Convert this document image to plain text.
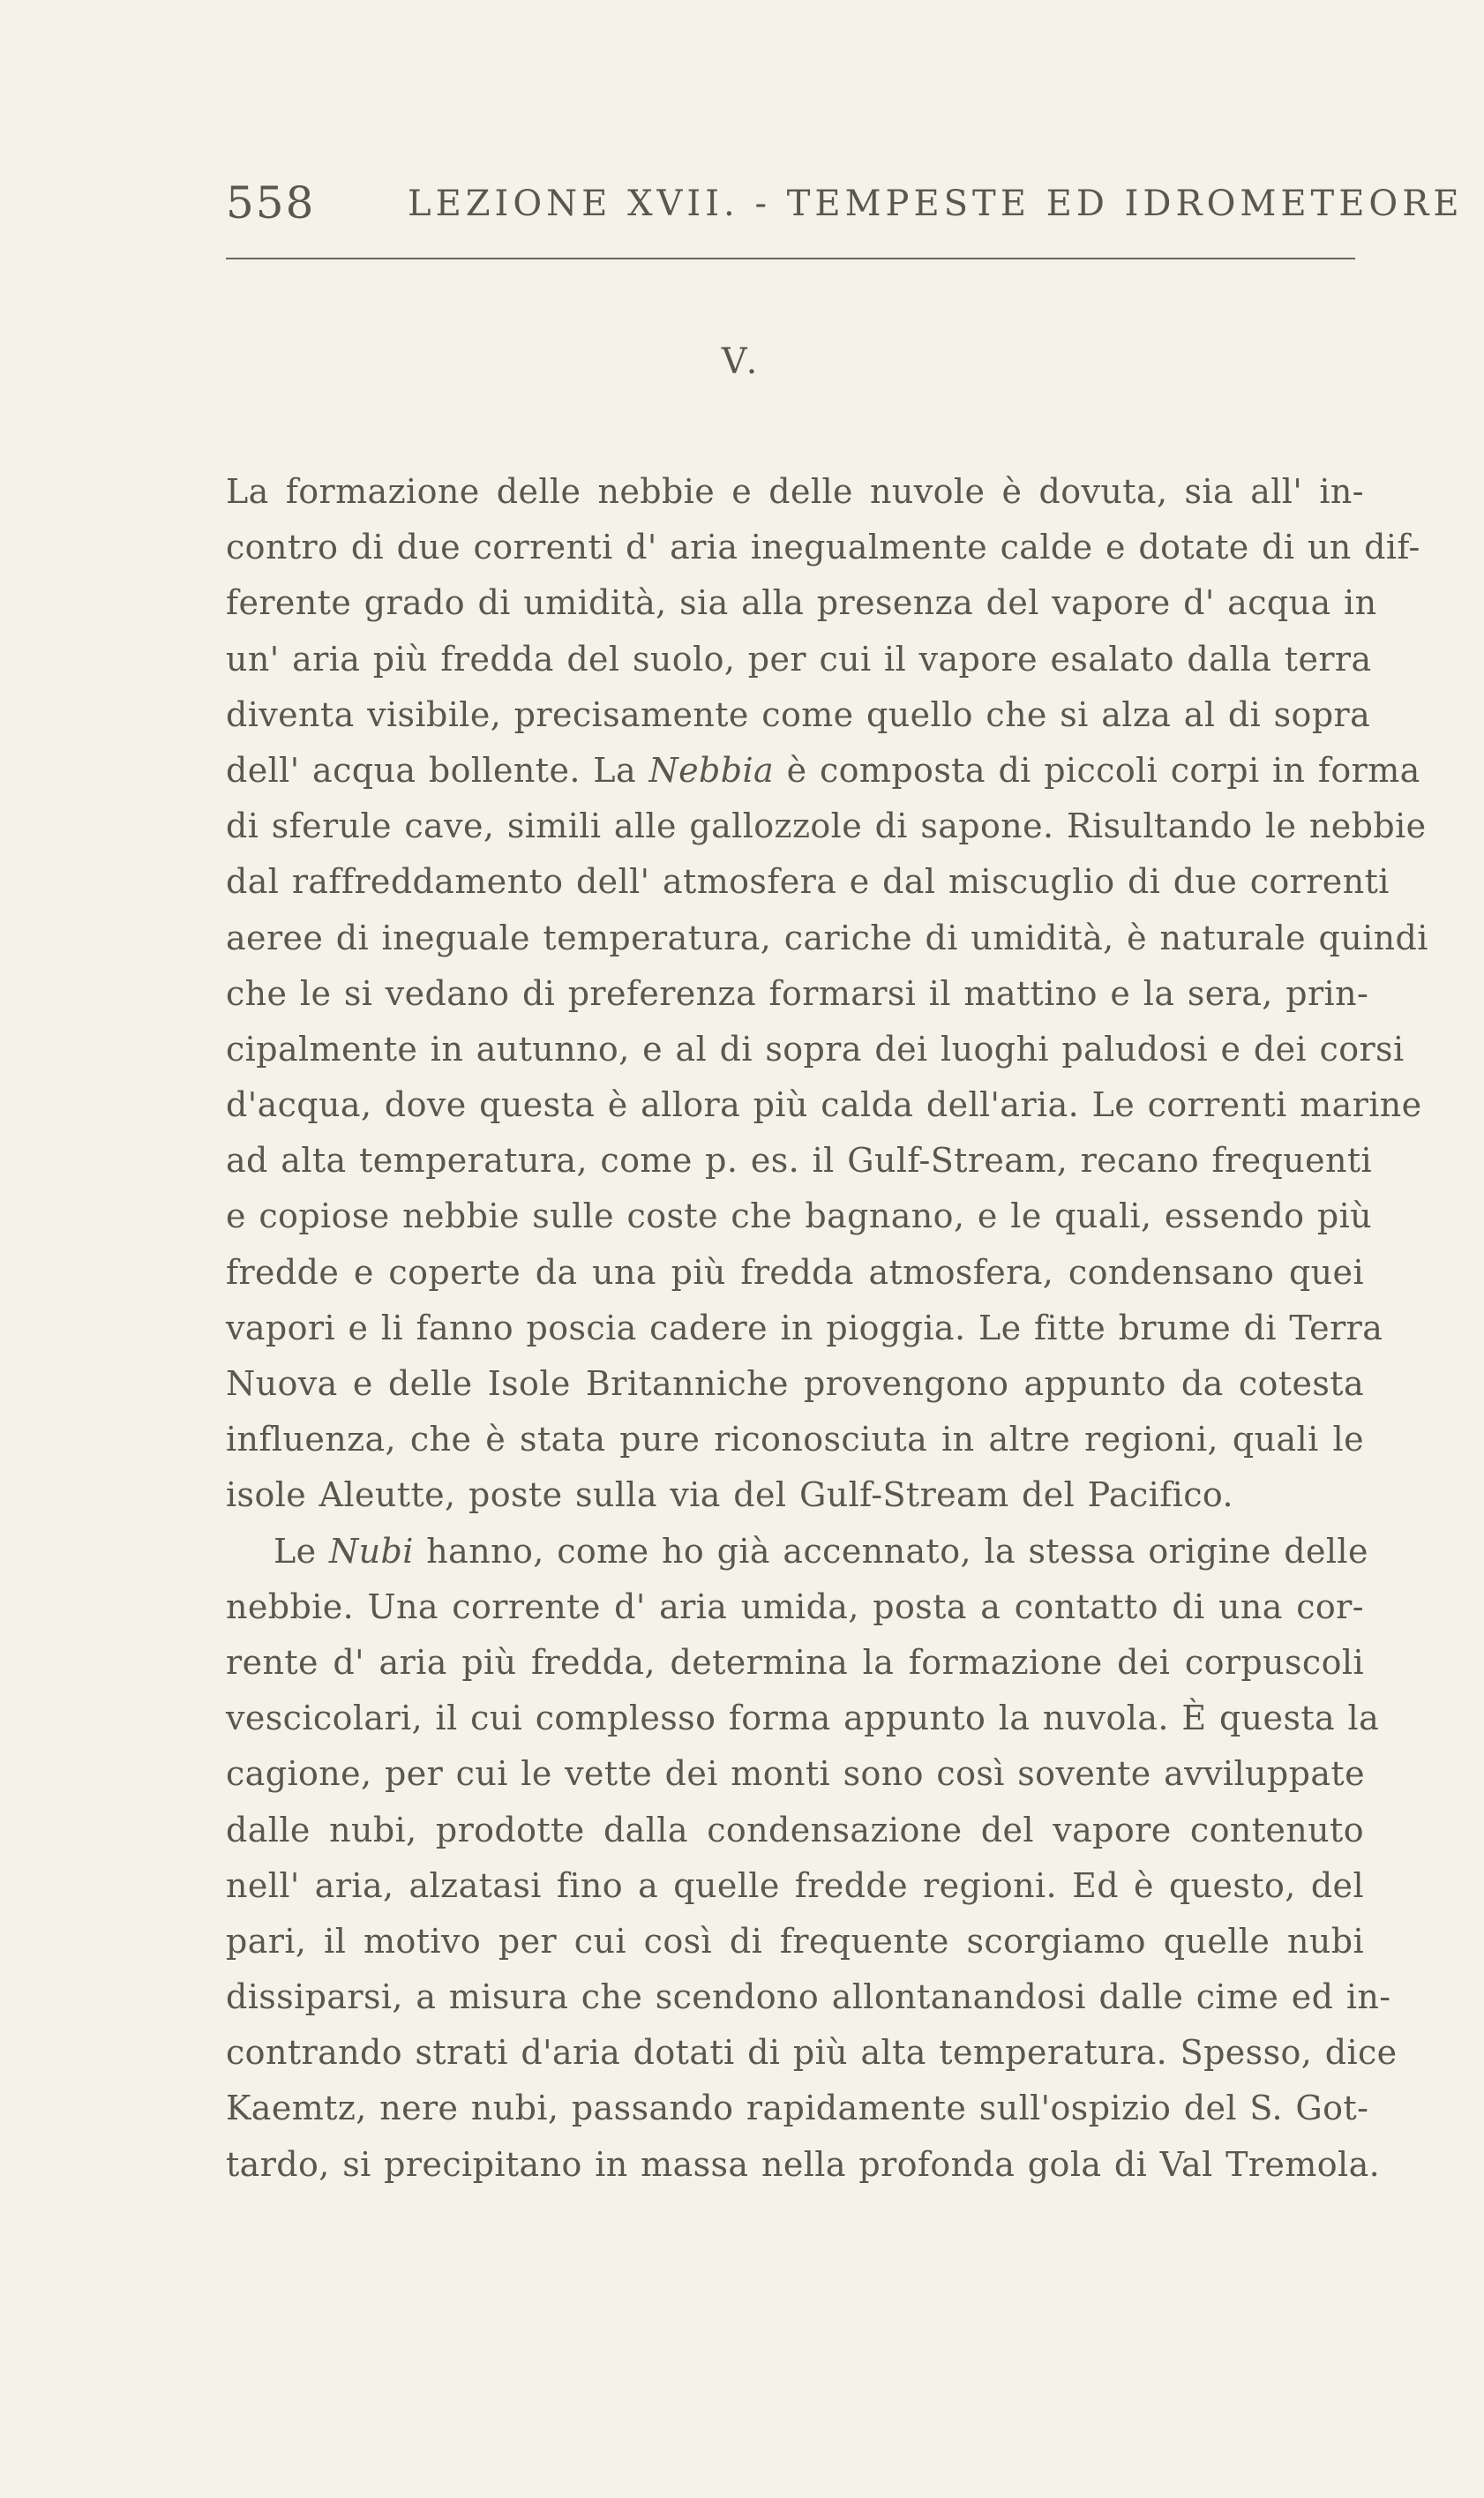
558	LEZIONE XVII. - TEMPESTE ED IDROMETEORE
V.
La formazione delle nebbie e delle nuvole è dovuta, sia all' in-
contro di due correnti d' aria inegualmente calde e dotate di un dif-
ferente grado di umidità, sia alla presenza del vapore d' acqua in
un' aria più fredda del suolo, per cui il vapore esalato dalla terra
diventa visibile, precisamente come quello che si alza al di sopra
dell' acqua bollente. La Nebbia è composta di piccoli corpi in forma
di sferule cave, simili alle gallozzole di sapone. Risultando le nebbie
dal raffreddamento dell' atmosfera e dal miscuglio di due correnti
aeree di ineguale temperatura, cariche di umidità, è naturale quindi
che le si vedano di preferenza formarsi il mattino e la sera, prin-
cipalmente in autunno, e al di sopra dei luoghi paludosi e dei corsi
d'acqua, dove questa è allora più calda dell'aria. Le correnti marine
ad alta temperatura, come p. es. il Gulf-Stream, recano frequenti
e copiose nebbie sulle coste che bagnano, e le quali, essendo più
fredde e coperte da una più fredda atmosfera, condensano quei
vapori e li fanno poscia cadere in pioggia. Le fitte brume di Terra
Nuova e delle Isole Britanniche provengono appunto da cotesta
influenza, che è stata pure riconosciuta in altre regioni, quali le
isole Aleutte, poste sulla via del Gulf-Stream del Pacifico.
Le Nubi hanno, come ho già accennato, la stessa origine delle
nebbie. Una corrente d' aria umida, posta a contatto di una cor-
rente d' aria più fredda, determina la formazione dei corpuscoli
vescicolari, il cui complesso forma appunto la nuvola. È questa la
cagione, per cui le vette dei monti sono così sovente avviluppate
dalle nubi, prodotte dalla condensazione del vapore contenuto
nell' aria, alzatasi fino a quelle fredde regioni. Ed è questo, del
pari, il motivo per cui così di frequente scorgiamo quelle nubi
dissiparsi, a misura che scendono allontanandosi dalle cime ed in-
contrando strati d'aria dotati di più alta temperatura. Spesso, dice
Kaemtz, nere nubi, passando rapidamente sull'ospizio del S. Got-
tardo, si precipitano in massa nella profonda gola di Val Tremola.
